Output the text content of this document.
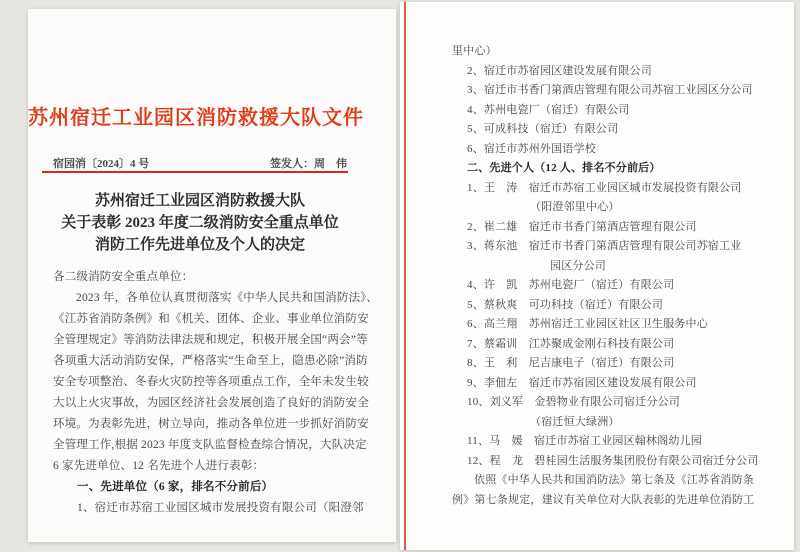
苏州宿迁工业园区消防救援大队文件
宿园消〔2024〕4 号	签发人：周　伟
苏州宿迁工业园区消防救援大队
关于表彰 2023 年度二级消防安全重点单位
消防工作先进单位及个人的决定
各二级消防安全重点单位：
2023 年，各单位认真贯彻落实《中华人民共和国消防法》、
《江苏省消防条例》和《机关、团体、企业、事业单位消防安
全管理规定》等消防法律法规和规定，积极开展全国“两会”等
各项重大活动消防安保，严格落实“生命至上，隐患必除”消防
安全专项整治、冬春火灾防控等各项重点工作，全年未发生较
大以上火灾事故，为园区经济社会发展创造了良好的消防安全
环境。为表彰先进，树立导向，推动各单位进一步抓好消防安
全管理工作,根据 2023 年度支队监督检查综合情况，大队决定
6 家先进单位、12 名先进个人进行表彰：
一、先进单位（6 家，排名不分前后）
1、宿迁市苏宿工业园区城市发展投资有限公司（阳澄邻
里中心）
2、宿迁市苏宿园区建设发展有限公司
3、宿迁市书香门第酒店管理有限公司苏宿工业园区分公司
4、苏州电瓷厂（宿迁）有限公司
5、可成科技（宿迁）有限公司
6、宿迁市苏州外国语学校
二、先进个人（12 人、排名不分前后）
1、王　涛　宿迁市苏宿工业园区城市发展投资有限公司
（阳澄邻里中心）
2、崔二雄　宿迁市书香门第酒店管理有限公司
3、蒋东池　宿迁市书香门第酒店管理有限公司苏宿工业
园区分公司
4、许　凯　苏州电瓷厂（宿迁）有限公司
5、蔡秋爽　可功科技（宿迁）有限公司
6、高兰翔　苏州宿迁工业园区社区卫生服务中心
7、蔡霜训　江苏聚成金刚石科技有限公司
8、王　利　尼吉康电子（宿迁）有限公司
9、李佃左　宿迁市苏宿园区建设发展有限公司
10、刘义军　金碧物业有限公司宿迁分公司
（宿迁恒大绿洲）
11、马　媛　宿迁市苏宿工业园区翰林阁幼儿园
12、程　龙　碧桂园生活服务集团股份有限公司宿迁分公司
依照《中华人民共和国消防法》第七条及《江苏省消防条
例》第七条规定，建议有关单位对大队表彰的先进单位消防工
